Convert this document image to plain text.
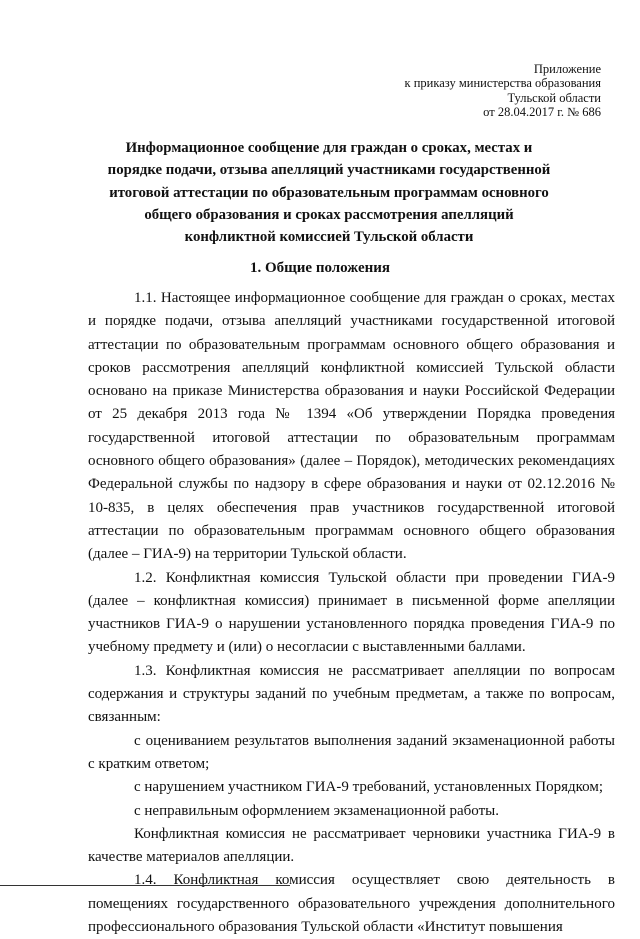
Приложение
к приказу министерства образования
Тульской области
от 28.04.2017 г. № 686
Информационное сообщение для граждан о сроках, местах и порядке подачи, отзыва апелляций участниками государственной итоговой аттестации по образовательным программам основного общего образования и сроках рассмотрения апелляций конфликтной комиссией Тульской области
1. Общие положения

1.1. Настоящее информационное сообщение для граждан о сроках, местах и порядке подачи, отзыва апелляций участниками государственной итоговой аттестации по образовательным программам основного общего образования и сроков рассмотрения апелляций конфликтной комиссией Тульской области основано на приказе Министерства образования и науки Российской Федерации от 25 декабря 2013 года № 1394 «Об утверждении Порядка проведения государственной итоговой аттестации по образовательным программам основного общего образования» (далее – Порядок), методических рекомендациях Федеральной службы по надзору в сфере образования и науки от 02.12.2016 № 10-835, в целях обеспечения прав участников государственной итоговой аттестации по образовательным программам основного общего образования (далее – ГИА-9) на территории Тульской области.

1.2. Конфликтная комиссия Тульской области при проведении ГИА-9 (далее – конфликтная комиссия) принимает в письменной форме апелляции участников ГИА-9 о нарушении установленного порядка проведения ГИА-9 по учебному предмету и (или) о несогласии с выставленными баллами.

1.3. Конфликтная комиссия не рассматривает апелляции по вопросам содержания и структуры заданий по учебным предметам, а также по вопросам, связанным:

с оцениванием результатов выполнения заданий экзаменационной работы с кратким ответом;

с нарушением участником ГИА-9 требований, установленных Порядком;

с неправильным оформлением экзаменационной работы.

Конфликтная комиссия не рассматривает черновики участника ГИА-9 в качестве материалов апелляции.

1.4. Конфликтная комиссия осуществляет свою деятельность в помещениях государственного образовательного учреждения дополнительного профессионального образования Тульской области «Институт повышения
